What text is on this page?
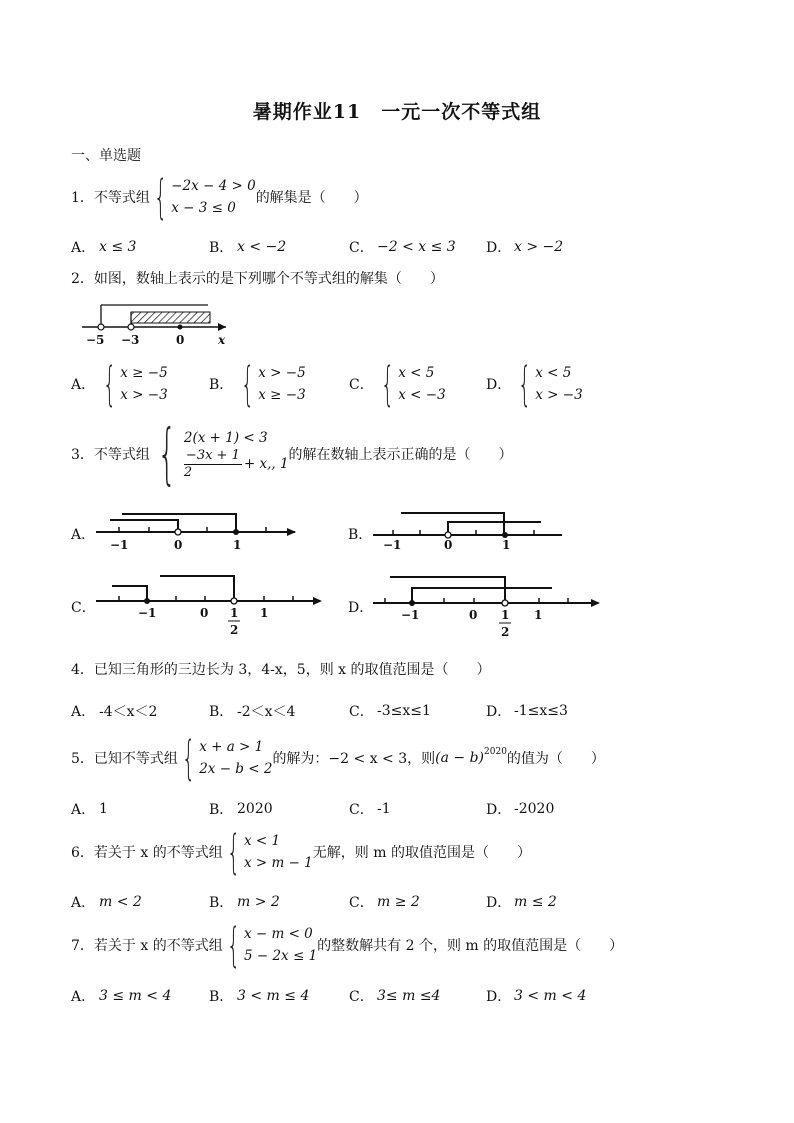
暑期作业11　一元一次不等式组
一、单选题
1．不等式组 { −2x − 4 > 0
x − 3 ≤ 0
的解集是（　　）
A． x ≤ 3	B． x < −2	C． −2 < x ≤ 3 D． x > −2
2．如图，数轴上表示的是下列哪个不等式组的解集（　　）
−5 −3	0	x
A． { x ≥ −5
x > −3
B． { x > −5
x ≥ −3
C． { x < 5
x < −3
D． { x < 5
x > −3
3．不等式组 { 2(x + 1) < 3
$\frac{-3x + 1}{2} + x$,, 1
的解在数轴上表示正确的是（　　）
A．	B．
C．	D．
−1	0	1	−1	0	1
−1	0 1
2
1	−1	0 1
2
1
4．已知三角形的三边长为 3，4-x，5，则 x 的取值范围是（　　）
A． -4＜x＜2	B． -2＜x＜4	C． -3≤x≤1	D． -1≤x≤3
5．已知不等式组 { x + a > 1
2x − b < 2
的解为：−2 < x < 3，则 $(a - b)^{2020}$ 的值为（　　）
A． 1	B． 2020	C． -1	D． -2020
6．若关于 x 的不等式组 { x < 1
x > m − 1
无解，则 m 的取值范围是（　　）
A． m < 2	B． m > 2	C． m ≥ 2	D． m ≤ 2
7．若关于 x 的不等式组 { x − m < 0
5 − 2x ≤ 1
的整数解共有 2 个，则 m 的取值范围是（　　）
A． 3 ≤ m < 4	B． 3 < m ≤ 4	C． 3≤ m ≤4	D． 3 < m < 4
